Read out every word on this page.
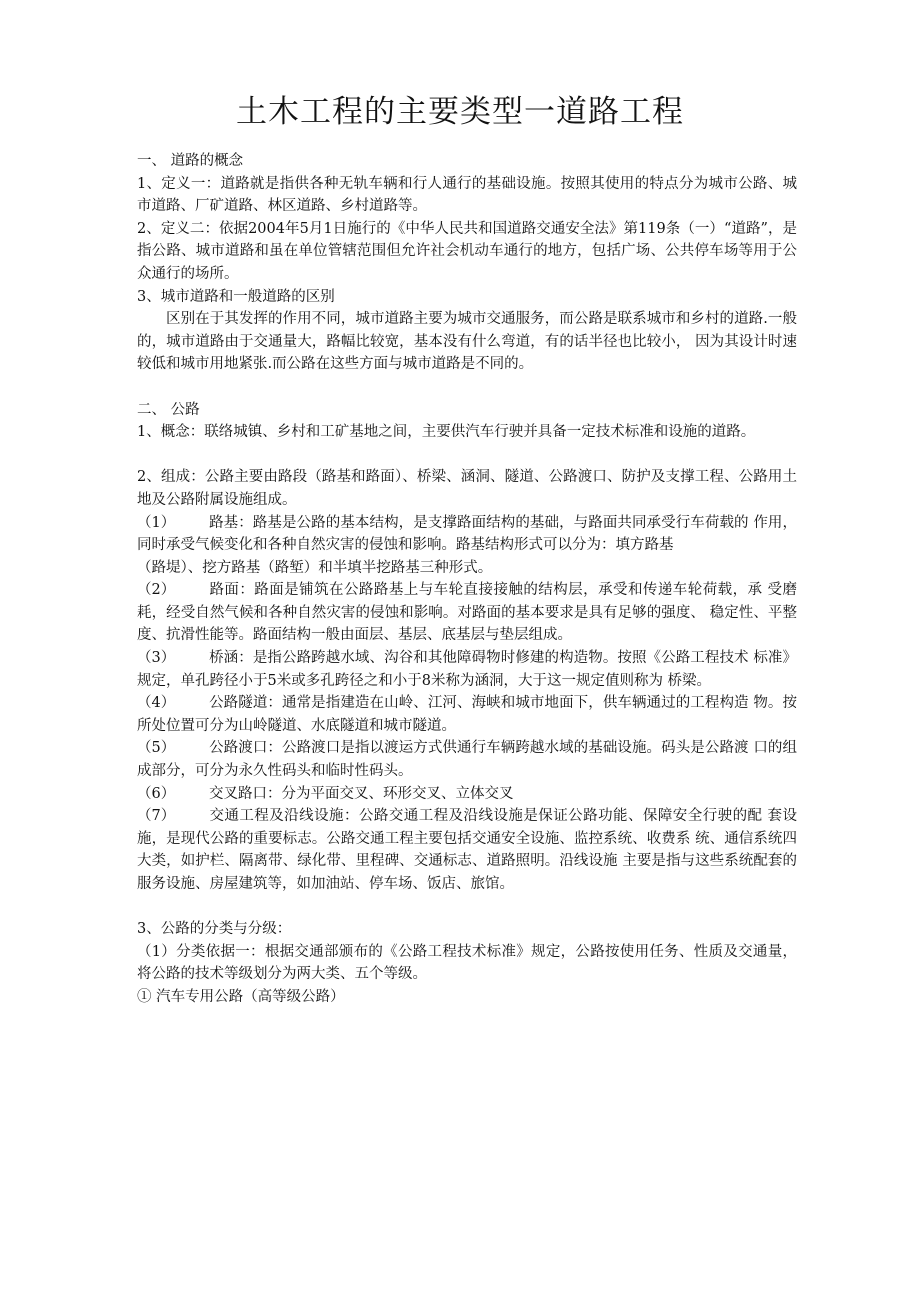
土木工程的主要类型一道路工程

一、 道路的概念

1、定义一：道路就是指供各种无轨车辆和行人通行的基础设施。按照其使用的特点分为城市公路、城市道路、厂矿道路、林区道路、乡村道路等。

2、定义二：依据2004年5月1日施行的《中华人民共和国道路交通安全法》第119条（一）“道路”，是指公路、城市道路和虽在单位管辖范围但允许社会机动车通行的地方，包括广场、公共停车场等用于公众通行的场所。

3、城市道路和一般道路的区别

区别在于其发挥的作用不同，城市道路主要为城市交通服务，而公路是联系城市和乡村的道路.一般的，城市道路由于交通量大，路幅比较宽，基本没有什么弯道，有的话半径也比较小， 因为其设计时速较低和城市用地紧张.而公路在这些方面与城市道路是不同的。

二、 公路

1、概念：联络城镇、乡村和工矿基地之间，主要供汽车行驶并具备一定技术标准和设施的道路。

2、组成：公路主要由路段（路基和路面）、桥梁、涵洞、隧道、公路渡口、防护及支撑工程、公路用土地及公路附属设施组成。

（1） 路基：路基是公路的基本结构，是支撑路面结构的基础，与路面共同承受行车荷载的 作用，同时承受气候变化和各种自然灾害的侵蚀和影响。路基结构形式可以分为：填方路基

（路堤）、挖方路基（路堑）和半填半挖路基三种形式。

（2） 路面：路面是铺筑在公路路基上与车轮直接接触的结构层，承受和传递车轮荷载，承 受磨耗，经受自然气候和各种自然灾害的侵蚀和影响。对路面的基本要求是具有足够的强度、 稳定性、平整度、抗滑性能等。路面结构一般由面层、基层、底基层与垫层组成。

（3） 桥涵：是指公路跨越水域、沟谷和其他障碍物时修建的构造物。按照《公路工程技术 标准》规定，单孔跨径小于5米或多孔跨径之和小于8米称为涵洞，大于这一规定值则称为 桥梁。

（4） 公路隧道：通常是指建造在山岭、江河、海峡和城市地面下，供车辆通过的工程构造 物。按所处位置可分为山岭隧道、水底隧道和城市隧道。

（5） 公路渡口：公路渡口是指以渡运方式供通行车辆跨越水域的基础设施。码头是公路渡 口的组成部分，可分为永久性码头和临时性码头。

（6） 交叉路口：分为平面交叉、环形交叉、立体交叉

（7） 交通工程及沿线设施：公路交通工程及沿线设施是保证公路功能、保障安全行驶的配 套设施，是现代公路的重要标志。公路交通工程主要包括交通安全设施、监控系统、收费系 统、通信系统四大类，如护栏、隔离带、绿化带、里程碑、交通标志、道路照明。沿线设施 主要是指与这些系统配套的服务设施、房屋建筑等，如加油站、停车场、饭店、旅馆。

3、公路的分类与分级：

（1）分类依据一：根据交通部颁布的《公路工程技术标准》规定，公路按使用任务、性质及交通量，将公路的技术等级划分为两大类、五个等级。

① 汽车专用公路（高等级公路）
